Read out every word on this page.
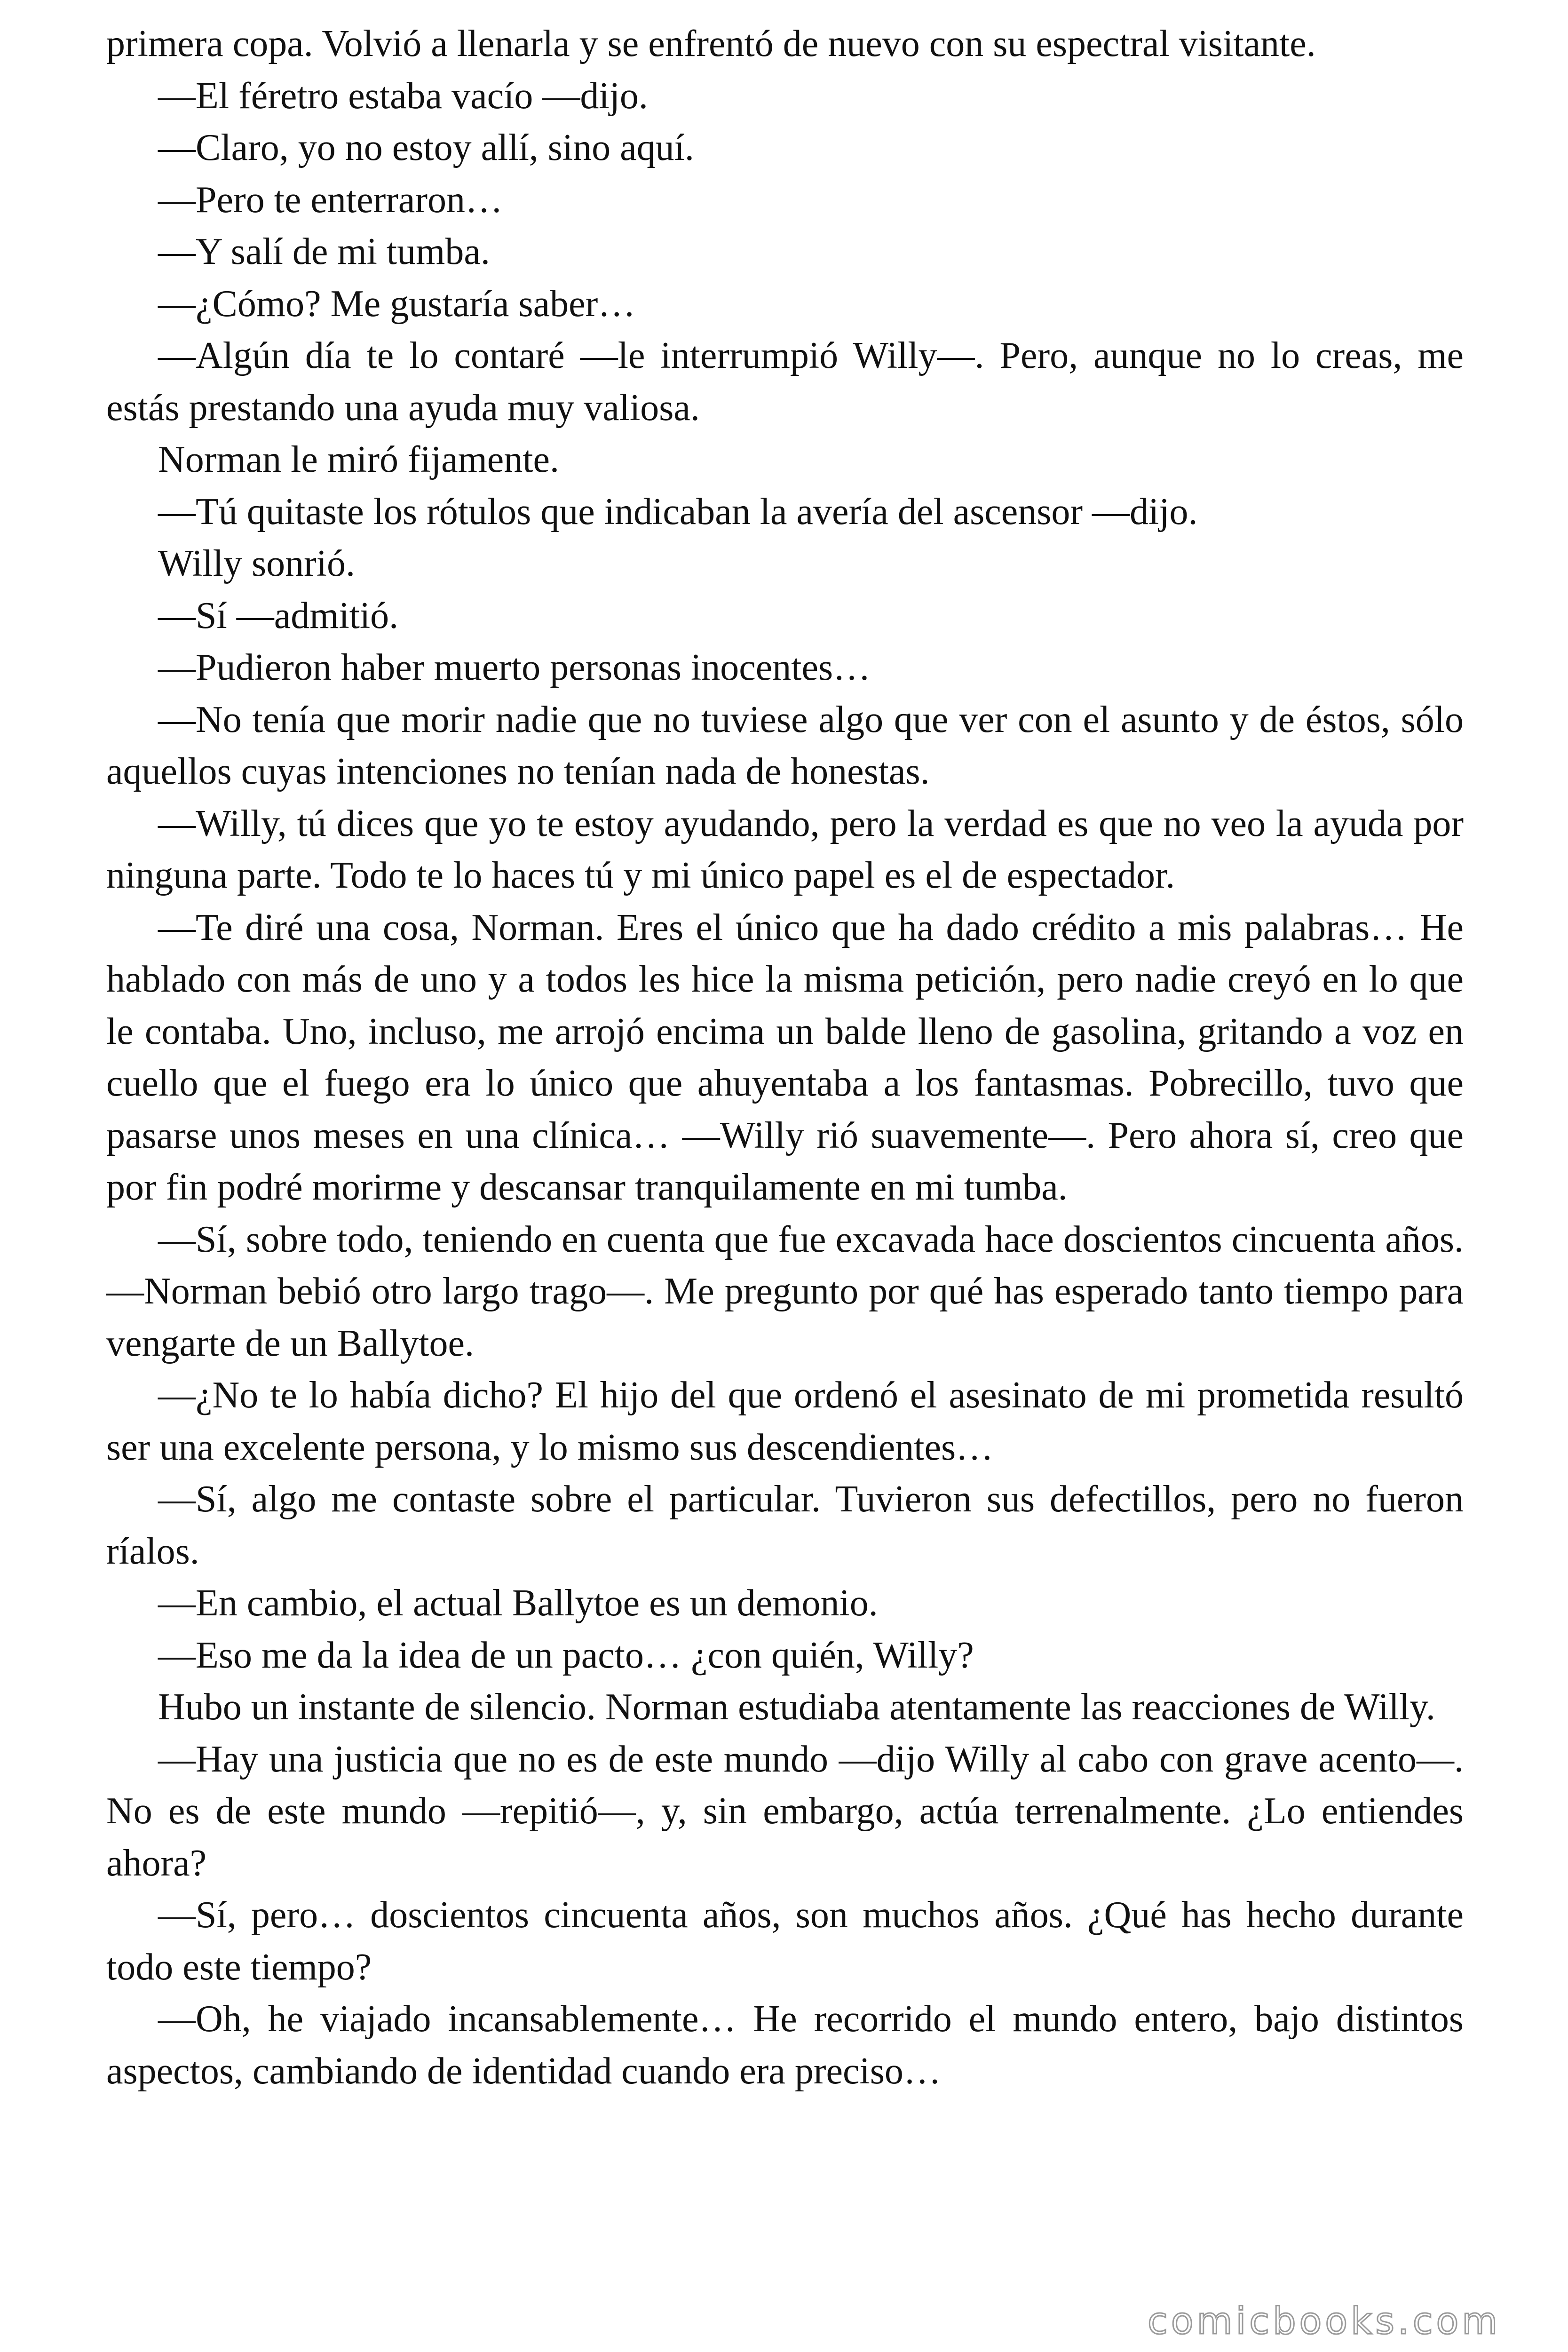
primera copa. Volvió a llenarla y se enfrentó de nuevo con su espectral visitante.

—El féretro estaba vacío —dijo.

—Claro, yo no estoy allí, sino aquí.

—Pero te enterraron…

—Y salí de mi tumba.

—¿Cómo? Me gustaría saber…

—Algún día te lo contaré —le interrumpió Willy—. Pero, aunque no lo creas, me estás prestando una ayuda muy valiosa.

Norman le miró fijamente.

—Tú quitaste los rótulos que indicaban la avería del ascensor —dijo.

Willy sonrió.

—Sí —admitió.

—Pudieron haber muerto personas inocentes…

—No tenía que morir nadie que no tuviese algo que ver con el asunto y de éstos, sólo aquellos cuyas intenciones no tenían nada de honestas.

—Willy, tú dices que yo te estoy ayudando, pero la verdad es que no veo la ayuda por ninguna parte. Todo te lo haces tú y mi único papel es el de espectador.

—Te diré una cosa, Norman. Eres el único que ha dado crédito a mis palabras… He hablado con más de uno y a todos les hice la misma petición, pero nadie creyó en lo que le contaba. Uno, incluso, me arrojó encima un balde lleno de gasolina, gritando a voz en cuello que el fuego era lo único que ahuyentaba a los fantasmas. Pobrecillo, tuvo que pasarse unos meses en una clínica… —Willy rió suavemente—. Pero ahora sí, creo que por fin podré morirme y descansar tranquilamente en mi tumba.

—Sí, sobre todo, teniendo en cuenta que fue excavada hace doscientos cincuenta años. —Norman bebió otro largo trago—. Me pregunto por qué has esperado tanto tiempo para vengarte de un Ballytoe.

—¿No te lo había dicho? El hijo del que ordenó el asesinato de mi prometida resultó ser una excelente persona, y lo mismo sus descendientes…

—Sí, algo me contaste sobre el particular. Tuvieron sus defectillos, pero no fueron ríalos.

—En cambio, el actual Ballytoe es un demonio.

—Eso me da la idea de un pacto… ¿con quién, Willy?

Hubo un instante de silencio. Norman estudiaba atentamente las reacciones de Willy.

—Hay una justicia que no es de este mundo —dijo Willy al cabo con grave acento—. No es de este mundo —repitió—, y, sin embargo, actúa terrenalmente. ¿Lo entiendes ahora?

—Sí, pero… doscientos cincuenta años, son muchos años. ¿Qué has hecho durante todo este tiempo?

—Oh, he viajado incansablemente… He recorrido el mundo entero, bajo distintos aspectos, cambiando de identidad cuando era preciso…

comicbooks.com
